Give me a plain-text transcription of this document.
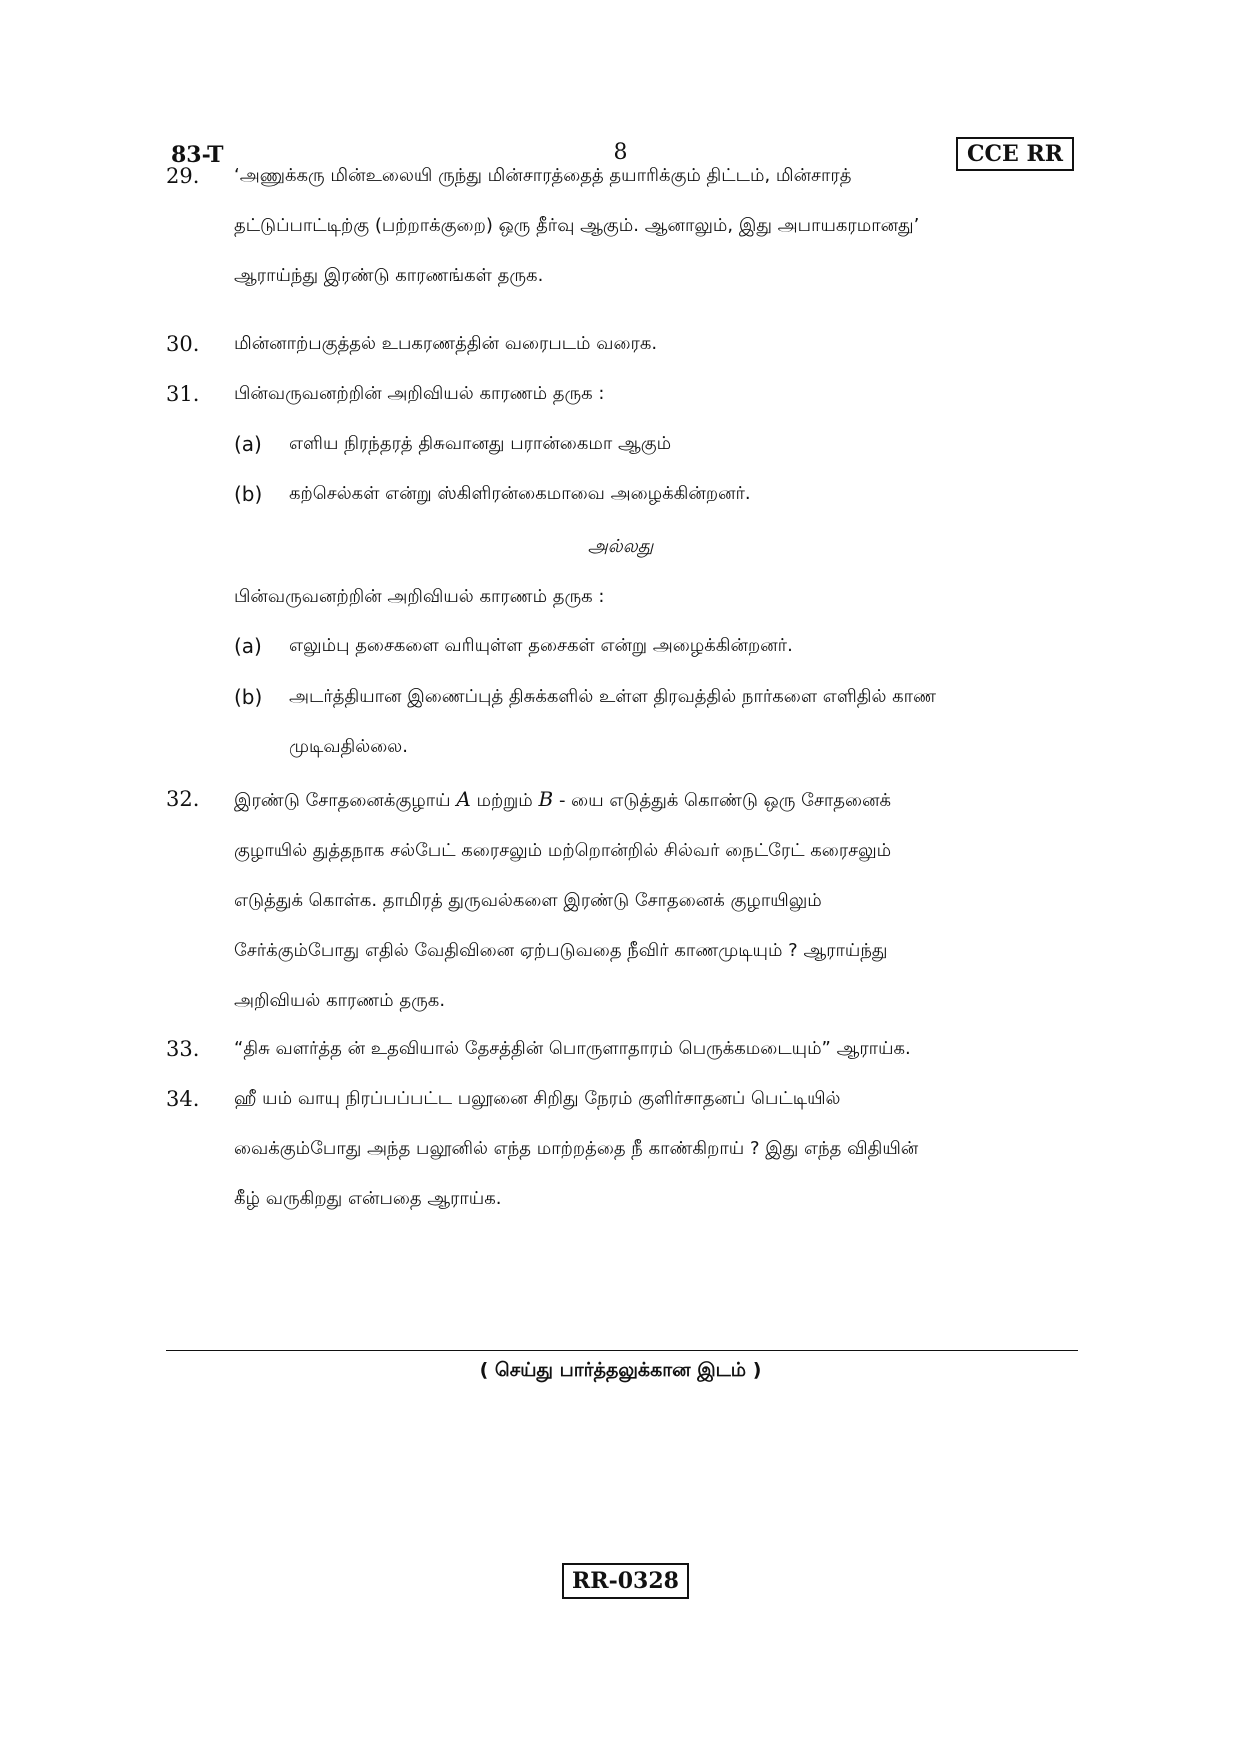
83-T	8	CCE RR
29.	‘அணுக்கரு மின்உலையி ருந்து மின்சாரத்தைத் தயாரிக்கும் திட்டம், மின்சாரத்
தட்டுப்பாட்டிற்கு (பற்றாக்குறை) ஒரு தீர்வு ஆகும். ஆனாலும், இது அபாயகரமானது’
ஆராய்ந்து இரண்டு காரணங்கள் தருக.
30.	மின்னாற்பகுத்தல் உபகரணத்தின் வரைபடம் வரைக.
31.	பின்வருவனற்றின் அறிவியல் காரணம் தருக :
(a)	எளிய நிரந்தரத் திசுவானது பரான்கைமா ஆகும்
(b)	கற்செல்கள் என்று ஸ்கிளிரன்கைமாவை அழைக்கின்றனர்.
அல்லது
பின்வருவனற்றின் அறிவியல் காரணம் தருக :
(a)	எலும்பு தசைகளை வரியுள்ள தசைகள் என்று அழைக்கின்றனர்.
(b)	அடர்த்தியான இணைப்புத் திசுக்களில் உள்ள திரவத்தில் நார்களை எளிதில் காண
முடிவதில்லை.
32.	இரண்டு சோதனைக்குழாய் A மற்றும் B - யை எடுத்துக் கொண்டு ஒரு சோதனைக்
குழாயில் துத்தநாக சல்பேட் கரைசலும் மற்றொன்றில் சில்வர் நைட்ரேட் கரைசலும்
எடுத்துக் கொள்க. தாமிரத் துருவல்களை இரண்டு சோதனைக் குழாயிலும்
சேர்க்கும்போது எதில் வேதிவினை ஏற்படுவதை நீவிர் காணமுடியும் ? ஆராய்ந்து
அறிவியல் காரணம் தருக.
33.	“திசு வளர்த்த ன் உதவியால் தேசத்தின் பொருளாதாரம் பெருக்கமடையும்” ஆராய்க.
34.	ஹீ யம் வாயு நிரப்பப்பட்ட பலூனை சிறிது நேரம் குளிர்சாதனப் பெட்டியில்
வைக்கும்போது அந்த பலூனில் எந்த மாற்றத்தை நீ காண்கிறாய் ? இது எந்த விதியின்
கீழ் வருகிறது என்பதை ஆராய்க.
( செய்து பார்த்தலுக்கான இடம் )
RR-0328
